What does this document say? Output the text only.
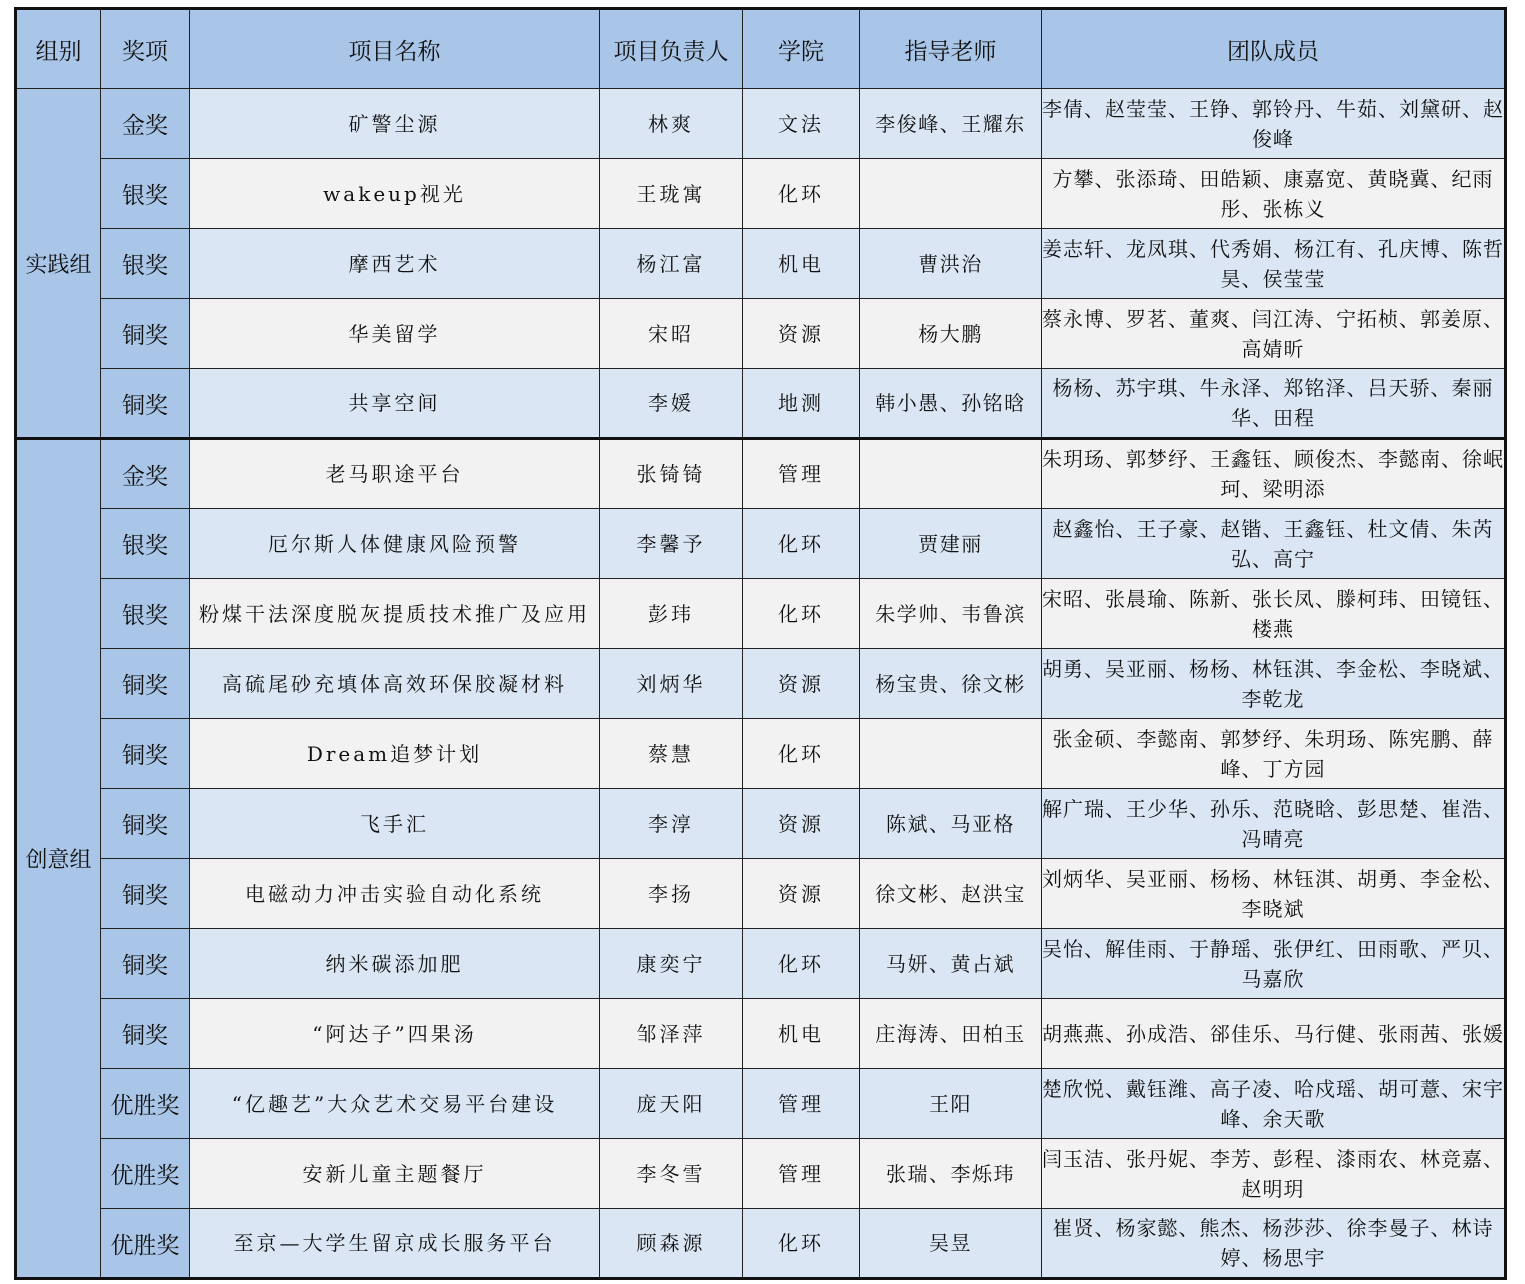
组别	奖项	项目名称	项目负责人	学院	指导老师	团队成员
实践组	金奖	矿警尘源	林爽	文法	李俊峰、王耀东	李倩、赵莹莹、王铮、郭铃丹、牛茹、刘黛研、赵俊峰
	银奖	wakeup视光	王珑寓	化环		方攀、张添琦、田皓颖、康嘉宽、黄晓冀、纪雨彤、张栋义
	银奖	摩西艺术	杨江富	机电	曹洪治	姜志轩、龙凤琪、代秀娟、杨江有、孔庆博、陈哲昊、侯莹莹
	铜奖	华美留学	宋昭	资源	杨大鹏	蔡永博、罗茗、董爽、闫江涛、宁拓桢、郭姜原、高婧昕
	铜奖	共享空间	李媛	地测	韩小愚、孙铭晗	杨杨、苏宇琪、牛永泽、郑铭泽、吕天骄、秦丽华、田程
创意组	金奖	老马职途平台	张锜锜	管理		朱玥玚、郭梦纾、王鑫钰、顾俊杰、李懿南、徐岷珂、梁明添
	银奖	厄尔斯人体健康风险预警	李馨予	化环	贾建丽	赵鑫怡、王子豪、赵锴、王鑫钰、杜文倩、朱芮弘、高宁
	银奖	粉煤干法深度脱灰提质技术推广及应用	彭玮	化环	朱学帅、韦鲁滨	宋昭、张晨瑜、陈新、张长凤、滕柯玮、田镜钰、楼燕
	铜奖	高硫尾砂充填体高效环保胶凝材料	刘炳华	资源	杨宝贵、徐文彬	胡勇、吴亚丽、杨杨、林钰淇、李金松、李晓斌、李乾龙
	铜奖	Dream追梦计划	蔡慧	化环		张金硕、李懿南、郭梦纾、朱玥玚、陈宪鹏、薛峰、丁方园
	铜奖	飞手汇	李淳	资源	陈斌、马亚格	解广瑞、王少华、孙乐、范晓晗、彭思楚、崔浩、冯晴亮
	铜奖	电磁动力冲击实验自动化系统	李扬	资源	徐文彬、赵洪宝	刘炳华、吴亚丽、杨杨、林钰淇、胡勇、李金松、李晓斌
	铜奖	纳米碳添加肥	康奕宁	化环	马妍、黄占斌	吴怡、解佳雨、于静瑶、张伊红、田雨歌、严贝、马嘉欣
	铜奖	“阿达子”四果汤	邹泽萍	机电	庄海涛、田柏玉	胡燕燕、孙成浩、郤佳乐、马行健、张雨茜、张媛
	优胜奖	“亿趣艺”大众艺术交易平台建设	庞天阳	管理	王阳	楚欣悦、戴钰潍、高子凌、哈戍瑶、胡可薏、宋宇峰、余天歌
	优胜奖	安新儿童主题餐厅	李冬雪	管理	张瑞、李烁玮	闫玉洁、张丹妮、李芳、彭程、漆雨农、林竞嘉、赵明玥
	优胜奖	至京—大学生留京成长服务平台	顾森源	化环	吴昱	崔贤、杨家懿、熊杰、杨莎莎、徐李曼子、林诗婷、杨思宇
